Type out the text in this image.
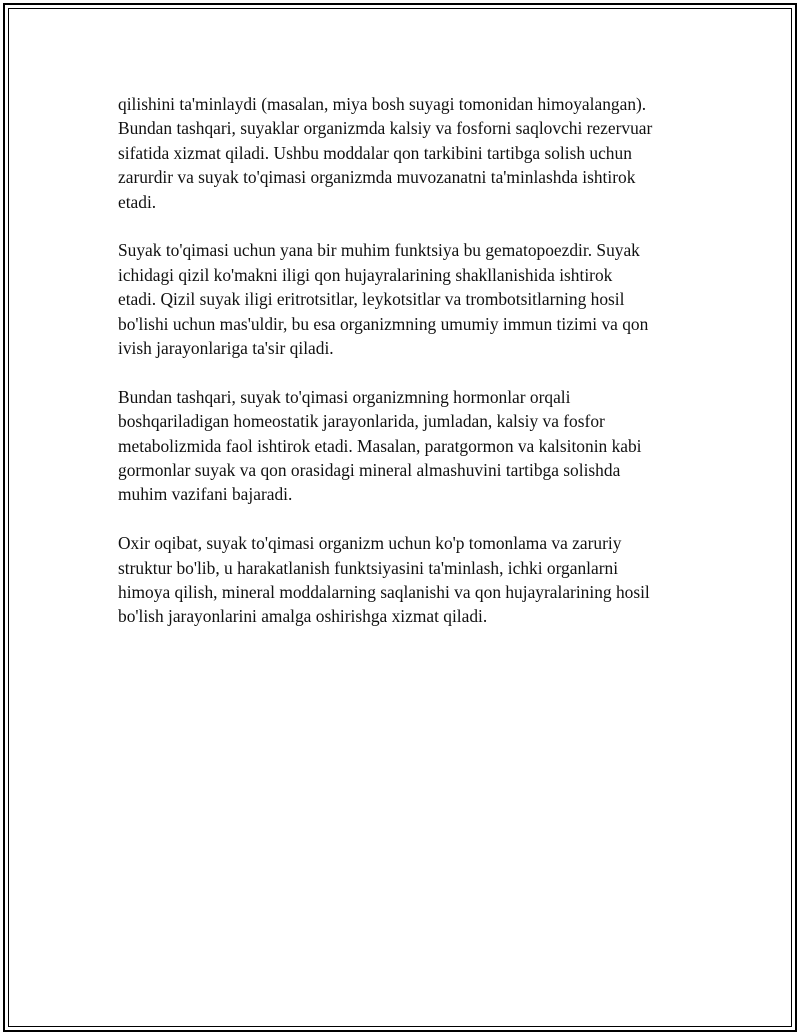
qilishini ta'minlaydi (masalan, miya bosh suyagi tomonidan himoyalangan).
Bundan tashqari, suyaklar organizmda kalsiy va fosforni saqlovchi rezervuar
sifatida xizmat qiladi. Ushbu moddalar qon tarkibini tartibga solish uchun
zarurdir va suyak to'qimasi organizmda muvozanatni ta'minlashda ishtirok
etadi.

Suyak to'qimasi uchun yana bir muhim funktsiya bu gematopoezdir. Suyak
ichidagi qizil ko'makni iligi qon hujayralarining shakllanishida ishtirok
etadi. Qizil suyak iligi eritrotsitlar, leykotsitlar va trombotsitlarning hosil
bo'lishi uchun mas'uldir, bu esa organizmning umumiy immun tizimi va qon
ivish jarayonlariga ta'sir qiladi.

Bundan tashqari, suyak to'qimasi organizmning hormonlar orqali
boshqariladigan homeostatik jarayonlarida, jumladan, kalsiy va fosfor
metabolizmida faol ishtirok etadi. Masalan, paratgormon va kalsitonin kabi
gormonlar suyak va qon orasidagi mineral almashuvini tartibga solishda
muhim vazifani bajaradi.

Oxir oqibat, suyak to'qimasi organizm uchun ko'p tomonlama va zaruriy
struktur bo'lib, u harakatlanish funktsiyasini ta'minlash, ichki organlarni
himoya qilish, mineral moddalarning saqlanishi va qon hujayralarining hosil
bo'lish jarayonlarini amalga oshirishga xizmat qiladi.
